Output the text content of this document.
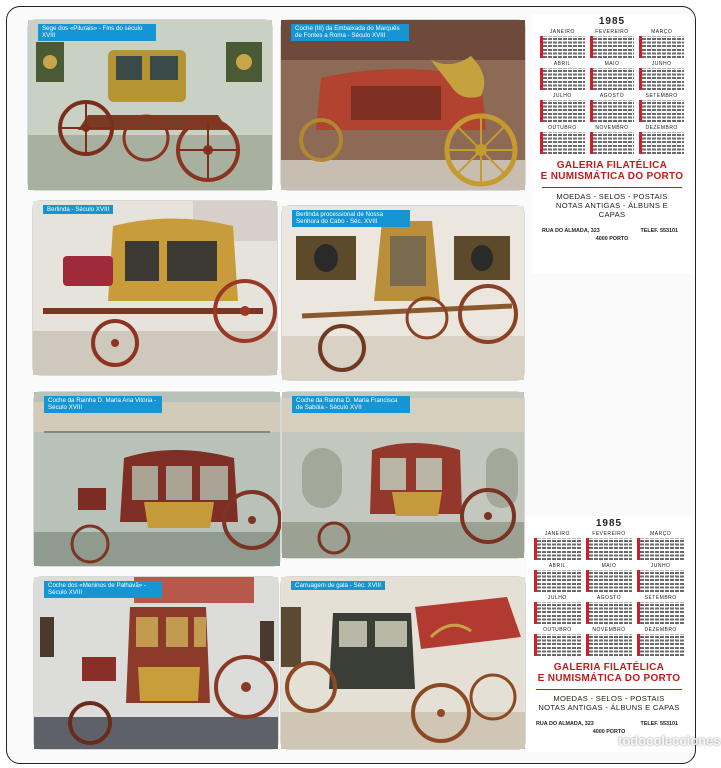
Sege dos «Pilurais» - Fins do século XVIII
Coche (III) da Embaixada do Marquês de Fontes a Roma - Século XVIII
Berlinda - Século XVIII
Berlinda processional de Nossa Senhora do Cabo - Séc. XVIII
Coche da Rainha D. Maria Ana Vitória - Século XVIII
Coche da Rainha D. Maria Francisca de Sabóia - Século XVII
Coche dos «Meninos de Palhavã» - Século XVIII
Carruagem de gala - Séc. XVIII
1985
JANEIRO	FEVEREIRO	MARÇO
ABRIL	MAIO	JUNHO
JULHO	AGOSTO	SETEMBRO
OUTUBRO	NOVEMBRO	DEZEMBRO
GALERIA FILATÉLICA
E NUMISMÁTICA DO PORTO
MOEDAS - SELOS - POSTAIS
NOTAS ANTIGAS - ÁLBUNS E CAPAS
RUA DO ALMADA, 323	TELEF. 553101
4000 PORTO
1985
JANEIRO	FEVEREIRO	MARÇO
ABRIL	MAIO	JUNHO
JULHO	AGOSTO	SETEMBRO
OUTUBRO	NOVEMBRO	DEZEMBRO
GALERIA FILATÉLICA
E NUMISMÁTICA DO PORTO
MOEDAS - SELOS - POSTAIS
NOTAS ANTIGAS - ÁLBUNS E CAPAS
RUA DO ALMADA, 323	TELEF. 553101
4000 PORTO
todocolecciones
